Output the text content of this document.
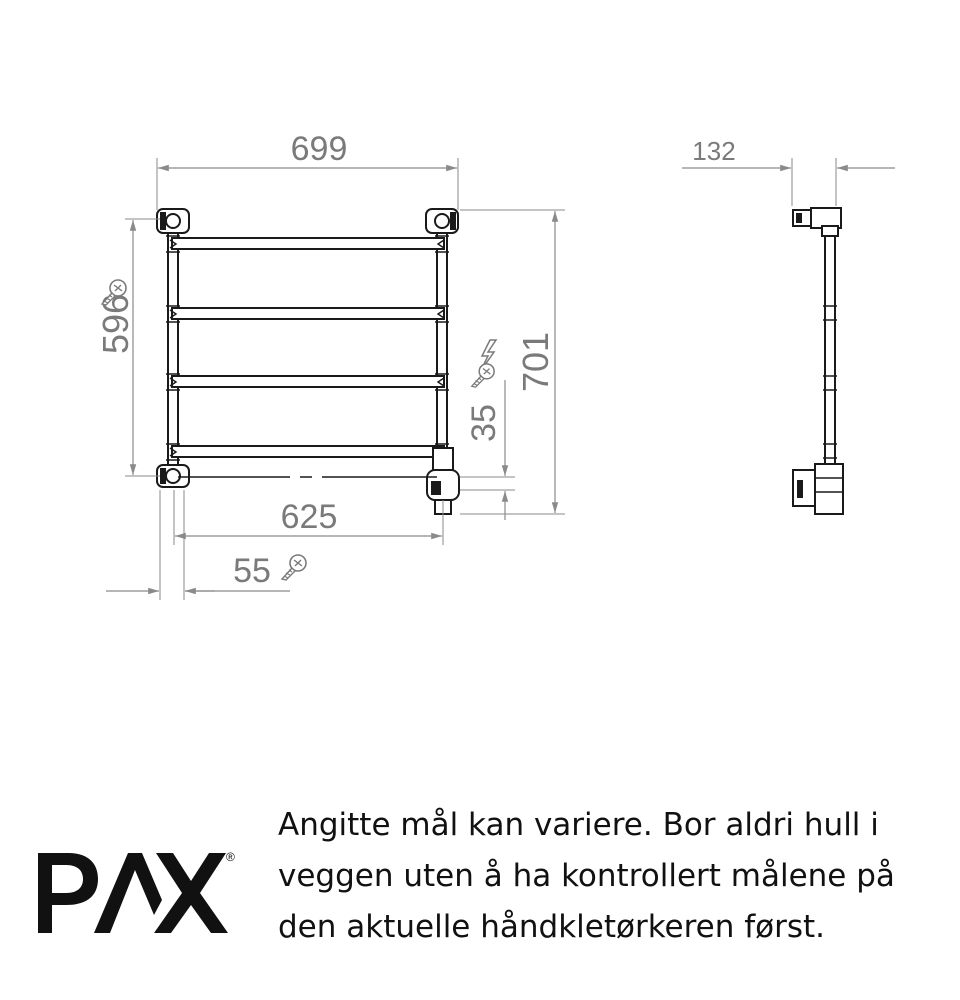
699
596
701
35
625
55
132
®
Angitte mål kan variere. Bor aldri hull i
veggen uten å ha kontrollert målene på
den aktuelle håndkletørkeren først.
